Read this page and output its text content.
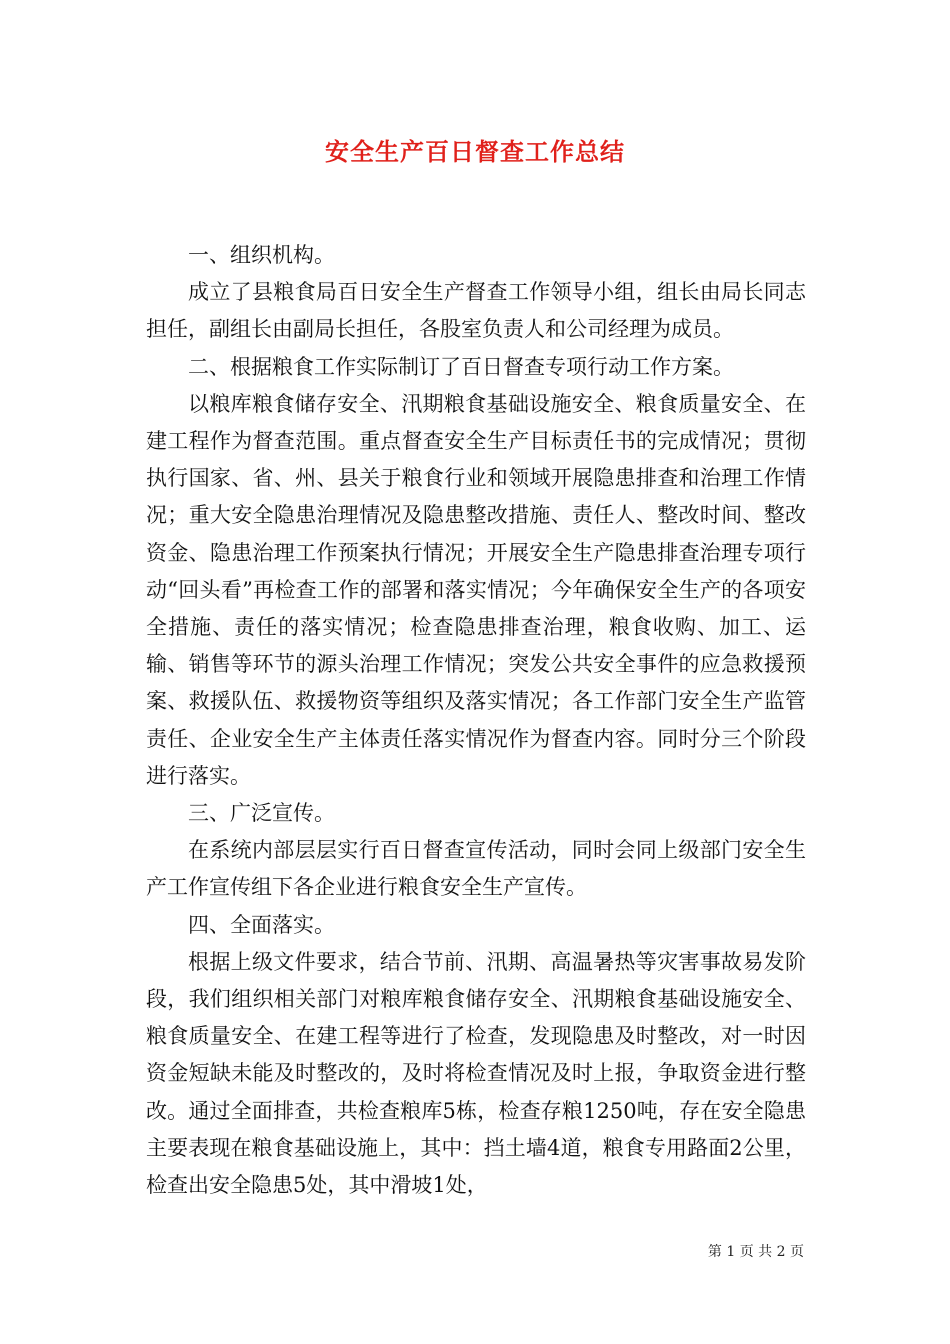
安全生产百日督查工作总结

一、组织机构。

成立了县粮食局百日安全生产督查工作领导小组，组长由局长同志担任，副组长由副局长担任，各股室负责人和公司经理为成员。

二、根据粮食工作实际制订了百日督查专项行动工作方案。

以粮库粮食储存安全、汛期粮食基础设施安全、粮食质量安全、在建工程作为督查范围。重点督查安全生产目标责任书的完成情况；贯彻执行国家、省、州、县关于粮食行业和领域开展隐患排查和治理工作情况；重大安全隐患治理情况及隐患整改措施、责任人、整改时间、整改资金、隐患治理工作预案执行情况；开展安全生产隐患排查治理专项行动“回头看”再检查工作的部署和落实情况；今年确保安全生产的各项安全措施、责任的落实情况；检查隐患排查治理，粮食收购、加工、运输、销售等环节的源头治理工作情况；突发公共安全事件的应急救援预案、救援队伍、救援物资等组织及落实情况；各工作部门安全生产监管责任、企业安全生产主体责任落实情况作为督查内容。同时分三个阶段进行落实。

三、广泛宣传。

在系统内部层层实行百日督查宣传活动，同时会同上级部门安全生产工作宣传组下各企业进行粮食安全生产宣传。

四、全面落实。

根据上级文件要求，结合节前、汛期、高温暑热等灾害事故易发阶段，我们组织相关部门对粮库粮食储存安全、汛期粮食基础设施安全、粮食质量安全、在建工程等进行了检查，发现隐患及时整改，对一时因资金短缺未能及时整改的，及时将检查情况及时上报，争取资金进行整改。通过全面排查，共检查粮库5栋，检查存粮1250吨，存在安全隐患主要表现在粮食基础设施上，其中：挡土墙4道，粮食专用路面2公里，检查出安全隐患5处，其中滑坡1处，

第 1 页 共 2 页
